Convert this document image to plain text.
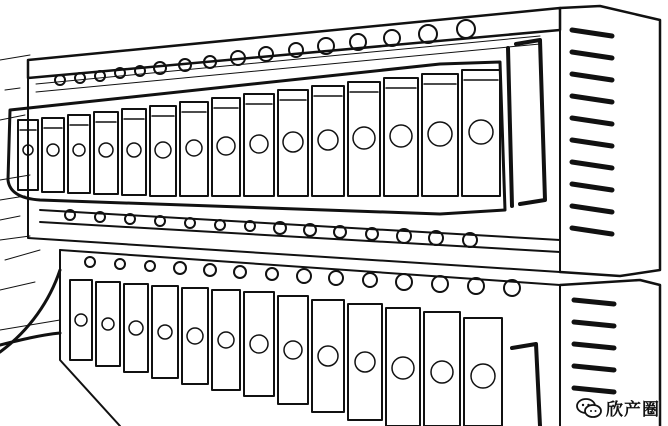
欣产圈
